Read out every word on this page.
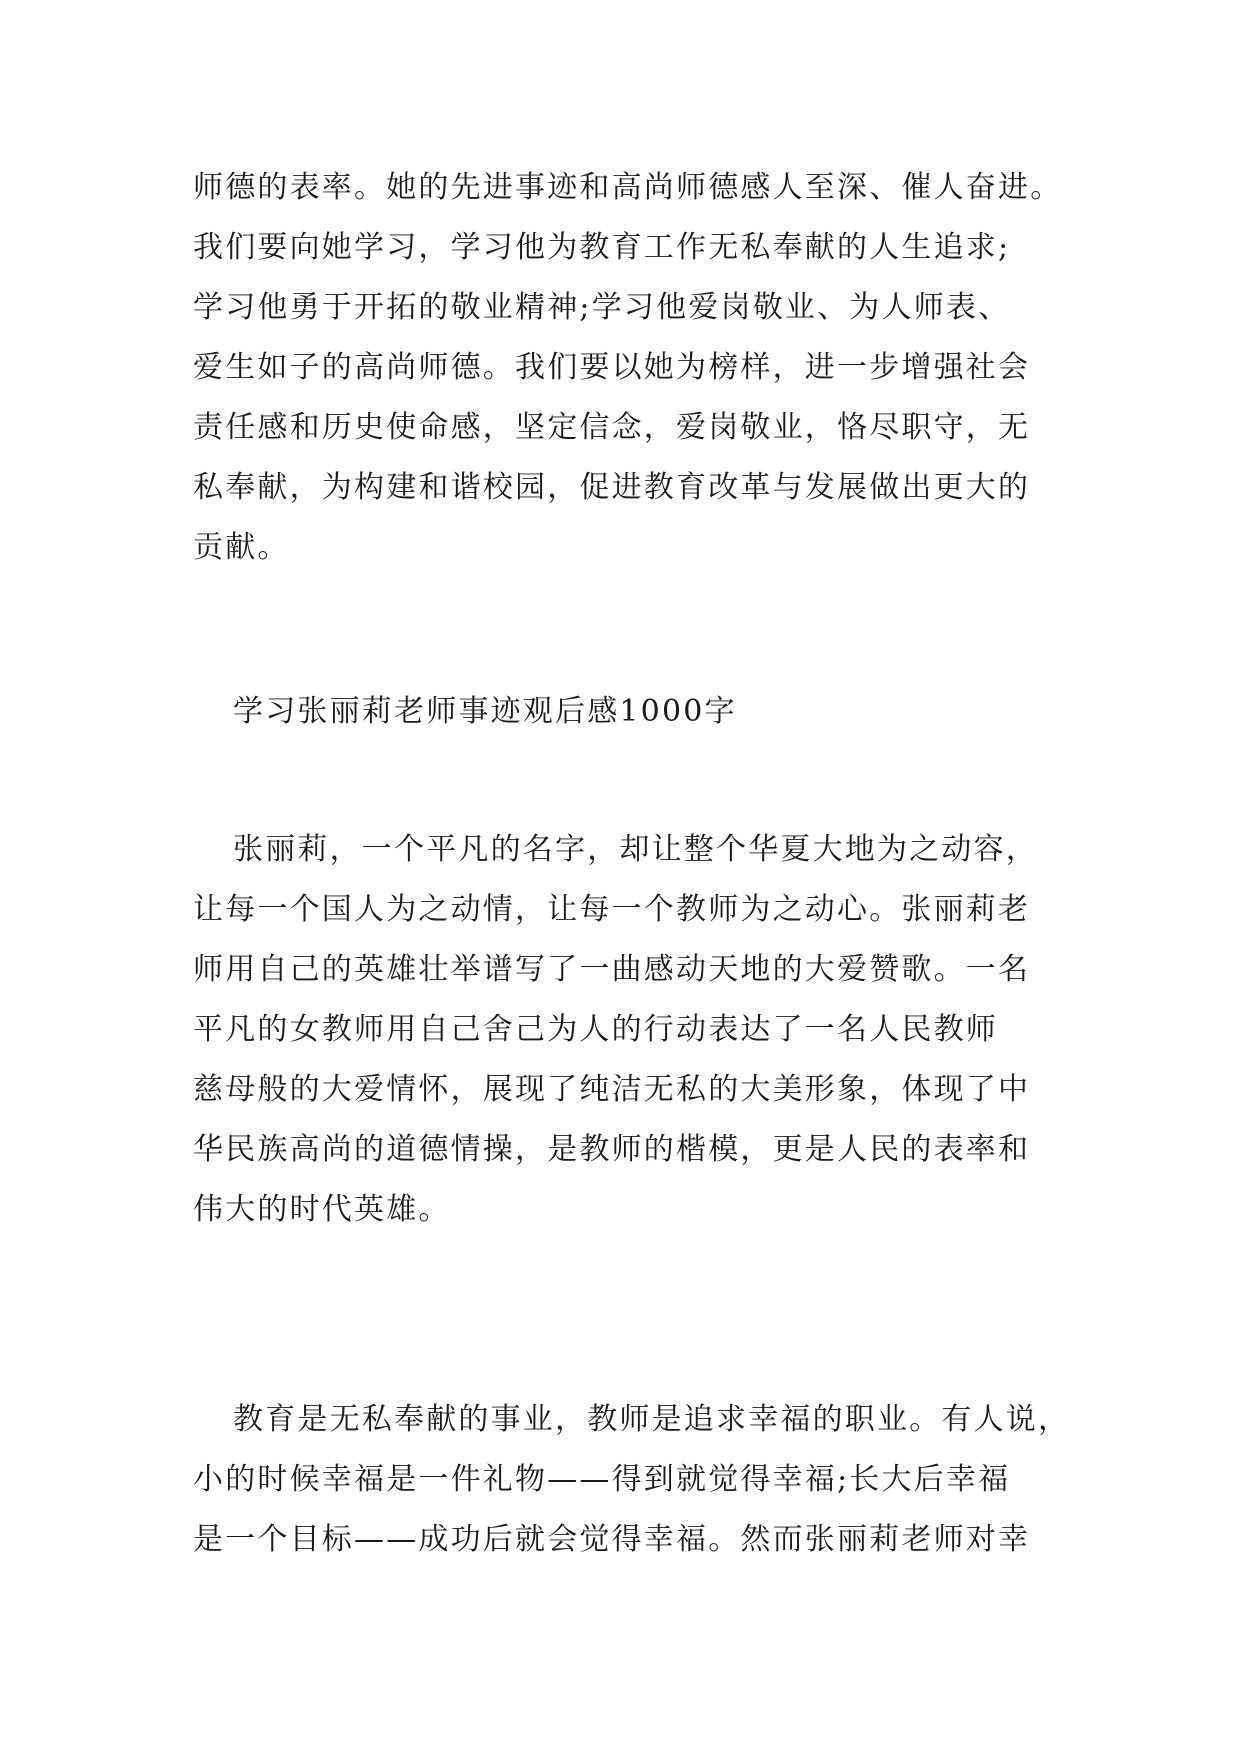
师德的表率。她的先进事迹和高尚师德感人至深、催人奋进。
我们要向她学习，学习他为教育工作无私奉献的人生追求;
学习他勇于开拓的敬业精神;学习他爱岗敬业、为人师表、
爱生如子的高尚师德。我们要以她为榜样，进一步增强社会
责任感和历史使命感，坚定信念，爱岗敬业，恪尽职守，无
私奉献，为构建和谐校园，促进教育改革与发展做出更大的
贡献。
学习张丽莉老师事迹观后感1000字
张丽莉，一个平凡的名字，却让整个华夏大地为之动容，
让每一个国人为之动情，让每一个教师为之动心。张丽莉老
师用自己的英雄壮举谱写了一曲感动天地的大爱赞歌。一名
平凡的女教师用自己舍己为人的行动表达了一名人民教师
慈母般的大爱情怀，展现了纯洁无私的大美形象，体现了中
华民族高尚的道德情操，是教师的楷模，更是人民的表率和
伟大的时代英雄。
教育是无私奉献的事业，教师是追求幸福的职业。有人说，
小的时候幸福是一件礼物——得到就觉得幸福;长大后幸福
是一个目标——成功后就会觉得幸福。然而张丽莉老师对幸
